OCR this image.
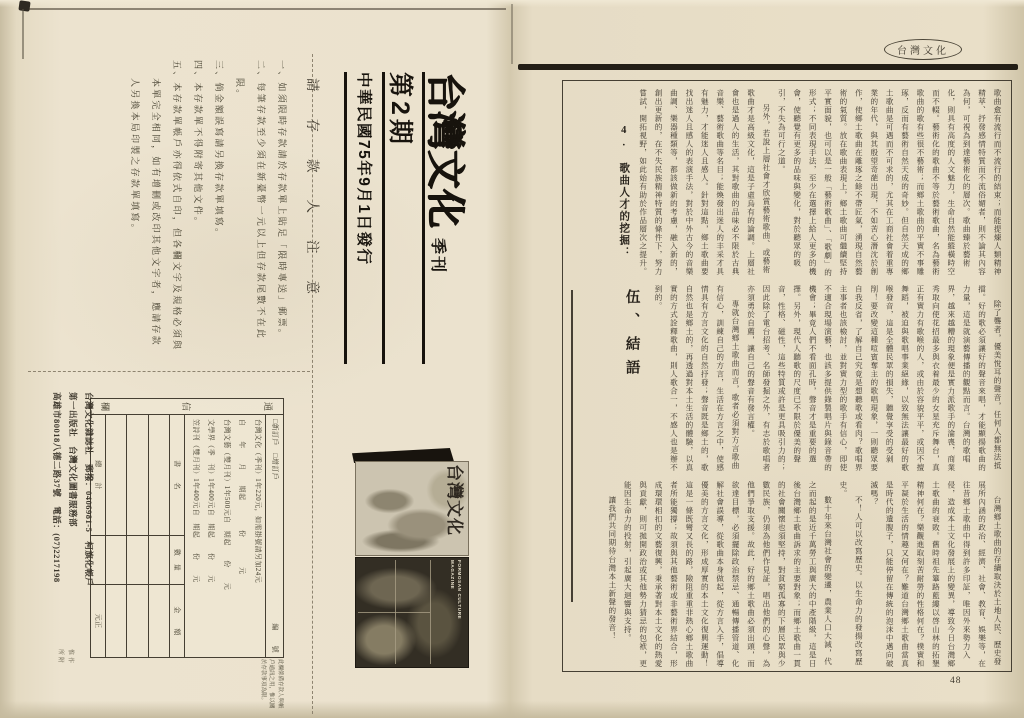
請存款人注意
一、如須限時存款請於存款單上貼足「限時專送」郵票。
二、每筆存款至少須在新臺幣一元以上但存款尾數不在此限。
三、倘金額誤寫請另換存款單填寫。
四、本存款單不得附寄其他文件。
五、本存款單帳戶亦得依式自印，但各欄文字及規格必須與本單完全相同，如有增刪或改印其他文字者，應請存款人另換本局印製之存款單填寫。	台灣文化
季刊
第2期
中華民國75年9月1日發行
通
信
欄
□新訂戶　□增訂戶
編　　號
台灣文化（季刊）1年220元，如需掛號請另加24元
自　　年　　月　　期起　　　　份　　　　元
台灣文藝（雙月刊）1年500元自　期起　　份　　元
文學界（季　刊）1年400元自　期起　　份　　元
笠詩刊（雙月刊）1年400元自　期起　　份　　元
書　　名
數　量
金　　額
總　　計
元正
此欄係備存款人與帳戶通訊之用，惟以關於存款事項為限。
惟作
所附
台灣文化雜誌社　郵撥：0406981-5　柯旗化帳戶
第一出版社　台灣文化圖書服務部
高雄市80018八德二路37號　電話：(07)2217198	台灣文化
FORMOSAN CULTURE
MAGAZINE
台灣文化

歌曲愈有流行而不流行的結束；而能提煉人類精神精萃、抒發感情特質而不流俗媚者，則不論其內容為何，可視為到達藝術化的層次。歌曲臻於藝術化，則具有高度的人文魅力，生命自然能縱橫時空而不輟。藝術化的歌曲不等於藝術歌曲，名為藝術歌曲的歌有些很不藝術；而鄉土歌曲的平實不事雕琢，反而有藝術自然天成的奇妙。但自然天成的鄉土歌曲是可遇而不可求的，尤其在工商社會着重專業的年代，與其殷望奇葩出現，不如苦心潛沈於創作，使鄉土歌曲在雕琢之餘不帶匠氣，湧現自然藝術的氣質。放在歌曲表現上，鄉土歌曲可繼續堅持平實面貌，也可以是一般「藝術歌曲」、「歌劇」的形式；不同表現手法，至少在選擇上給人更多的機會，使聽覺有更多的品味與變化，對於聽眾的吸引，不失為可行之道。

另外，若說上層社會才欣賞藝術歌曲、或藝術歌曲才是高級文化，這是子虛烏有的論調。上層社會也是過人的生活，其對歌曲的品味必不限於古典音樂、藝術歌曲等名目；能煥發出迷人的丰采才具有魅力，才能迷人且感人。針對這點，鄉土歌曲要找出迷人且感人的表演手法，對於中外古今的音樂曲調、樂器種類等，都該做新的考慮，融入新的，創出更新的，在不失民族精神特質的條件下，努力嘗試，開拓視野，如此始有助於作品層次之提升。

4. 歌曲人才的挖掘：

除了聾者，優美悅耳的聲音，任何人都無法抵擋。好的歌必須讓好的聲音來唱，才能顯揚歌曲的力量，這是就演藝傳播的觀點而言。台灣的歌唱界，越來越糟的現象便是實力派歌手的淪喪，商業秀取向使花招最多與衣着最少的女星充斥舞台，真正有實力有歌喉的人，或由於容貌平平，或因不擅舞蹈，被迫與歌唱事業絕緣，以致無法讓最好的歌喉發音，這是全體民眾的損失，聽覺享受的受剝削！要改變這種喧賓奪主的歌唱現象，一則聽眾要自我反省，了解自己究竟是想聽歌或看肉？歌唱界主事者也該檢討，並對實力型的歌手有信心，即使不適合現場演藝，也該多提供錄製唱片與錄音帶的機會；畢竟人們不看面孔時，聲音才是重要的選擇。另外，現代人聽歌的尺度已不限於優美的聲音，性格、磁性，這些特質或許是更具吸引力的；因此除了電台招考、名師發掘之外，有志於歌唱者亦須勇於自薦，讓自己的聲音有發言權。

專就台灣鄉土歌曲而言，歌者必須對方言歌曲有信心，訓練自己的方言，生活在方言之中，使感情具有方言文化的自然抒發；聲音既是鄉土的，歌自然也是鄉土的，再透過對本土生活的體驗，以真實的方式詮釋歌曲，則人歌合一，不感人也是辦不到的。

伍、結語

台灣鄉土歌曲的存續取決於土地人民、歷史發展所內涵的政治、經濟、社會、教育、娛樂等，在往昔鄉土歌曲中得到許多印証，唯因外來勢力入侵，造成本土文化發展上的變異，導致今日台灣鄉土歌曲的衰敗。舊時祖先篳路藍縷以啓山林的拓墾精神何在？樂觀進取刻苦耐勞的性格何在？樸實和平凝於生活的情趣又何在？難道台灣鄉土歌曲當真是時代的遺腹子，只能停留在傳統的泡沫中邁向破滅嗎？

不！人可以改寫歷史。以生命力的發揚改寫歷史。

數十年來台灣社會的變遷，農業人口大減，代之而起的是近千萬勞工與廣大的中產階級，這是日後台灣鄉土歌曲訴求的主要對象；而鄉土歌曲一貫的社會關懷也須堅持，對貧窮孤寡的下層民眾與少數民族，仍須為他們作見証，唱出他們的心聲，為他們爭取支援。故此，好的鄉土歌曲必須出頭，而欲達目標，必須擺除政治禁忌、通暢傳播管道、化解社會誤導，從歌曲本身做起，從方言入手，倡導優美的方言文化，形成厚實的本土文化復興運動！這是一條既彎又長的路，險阻重重非熱心鄉土歌曲者所能獨撐；故須與其他藝術或非藝術界結合，形成環環相扣的文藝復興，秉承著對本土文化的熱愛與貢獻，則可拋開政治或其他勢力猜忌的包袱，更能因生命力的投射，引起廣大迴響與支持。

讓我們共同期待台灣本土新聲的發音！

48
